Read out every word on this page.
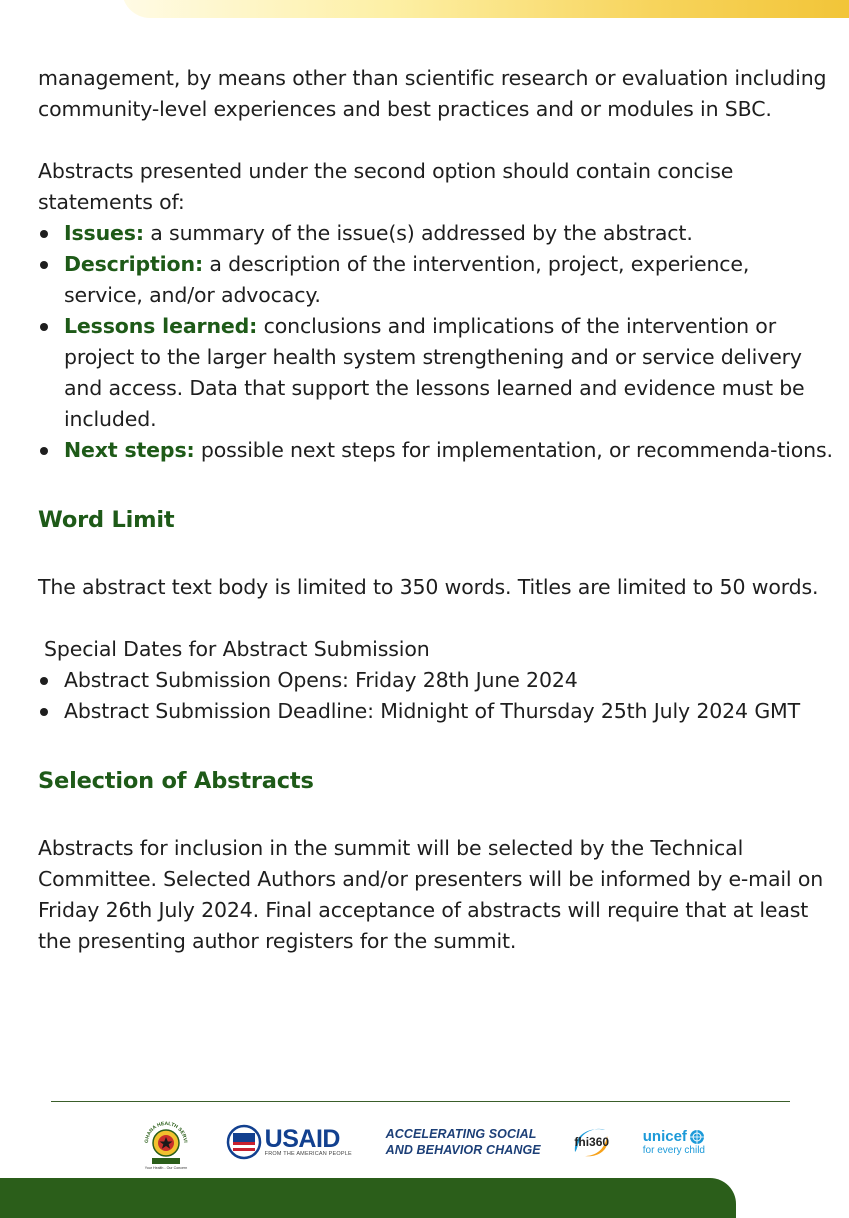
management, by means other than scientific research or evaluation including community-level experiences and best practices and or modules in SBC.

Abstracts presented under the second option should contain concise statements of:

Issues: a summary of the issue(s) addressed by the abstract.
Description: a description of the intervention, project, experience, service, and/or advocacy.
Lessons learned: conclusions and implications of the intervention or project to the larger health system strengthening and or service delivery and access. Data that support the lessons learned and evidence must be included.
Next steps: possible next steps for implementation, or recommenda-tions.
Word Limit

The abstract text body is limited to 350 words. Titles are limited to 50 words.

Special Dates for Abstract Submission

Abstract Submission Opens: Friday 28th June 2024
Abstract Submission Deadline: Midnight of Thursday 25th July 2024 GMT
Selection of Abstracts

Abstracts for inclusion in the summit will be selected by the Technical Committee. Selected Authors and/or presenters will be informed by e-mail on Friday 26th July 2024. Final acceptance of abstracts will require that at least the presenting author registers for the summit.

GHANA HEALTH SERVI
Your Health - Our Concern
USAID
FROM THE AMERICAN PEOPLE
ACCELERATING SOCIAL
AND BEHAVIOR CHANGE
fhi360 unicef
for every child
